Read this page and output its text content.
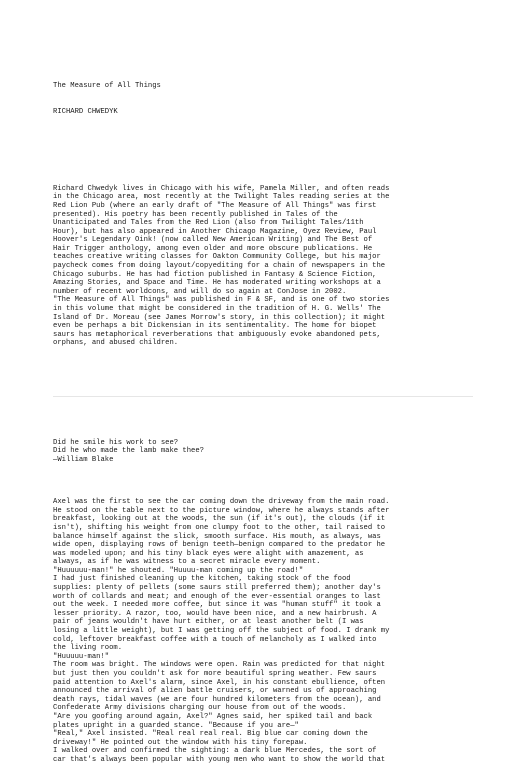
The Measure of All Things

RICHARD CHWEDYK

Richard Chwedyk lives in Chicago with his wife, Pamela Miller, and often reads
in the Chicago area, most recently at the Twilight Tales reading series at the
Red Lion Pub (where an early draft of "The Measure of All Things" was first
presented). His poetry has been recently published in Tales of the
Unanticipated and Tales from the Red Lion (also from Twilight Tales/11th
Hour), but has also appeared in Another Chicago Magazine, Oyez Review, Paul
Hoover's Legendary Oink! (now called New American Writing) and The Best of
Hair Trigger anthology, among even older and more obscure publications. He
teaches creative writing classes for Oakton Community College, but his major
paycheck comes from doing layout/copyediting for a chain of newspapers in the
Chicago suburbs. He has had fiction published in Fantasy & Science Fiction,
Amazing Stories, and Space and Time. He has moderated writing workshops at a
number of recent worldcons, and will do so again at ConJose in 2002.
"The Measure of All Things" was published in F & SF, and is one of two stories
in this volume that might be considered in the tradition of H. G. Wells' The
Island of Dr. Moreau (see James Morrow's story, in this collection); it might
even be perhaps a bit Dickensian in its sentimentality. The home for biopet
saurs has metaphorical reverberations that ambiguously evoke abandoned pets,
orphans, and abused children.

Did he smile his work to see?
Did he who made the lamb make thee?
—William Blake

Axel was the first to see the car coming down the driveway from the main road.
He stood on the table next to the picture window, where he always stands after
breakfast, looking out at the woods, the sun (if it's out), the clouds (if it
isn't), shifting his weight from one clumpy foot to the other, tail raised to
balance himself against the slick, smooth surface. His mouth, as always, was
wide open, displaying rows of benign teeth—benign compared to the predator he
was modeled upon; and his tiny black eyes were alight with amazement, as
always, as if he was witness to a secret miracle every moment.
"Huuuuuu-man!" he shouted. "Huuuu-man coming up the road!"
I had just finished cleaning up the kitchen, taking stock of the food
supplies: plenty of pellets (some saurs still preferred them); another day's
worth of collards and meat; and enough of the ever-essential oranges to last
out the week. I needed more coffee, but since it was "human stuff" it took a
lesser priority. A razor, too, would have been nice, and a new hairbrush. A
pair of jeans wouldn't have hurt either, or at least another belt (I was
losing a little weight), but I was getting off the subject of food. I drank my
cold, leftover breakfast coffee with a touch of melancholy as I walked into
the living room.
"Huuuuu-man!"
The room was bright. The windows were open. Rain was predicted for that night
but just then you couldn't ask for more beautiful spring weather. Few saurs
paid attention to Axel's alarm, since Axel, in his constant ebullience, often
announced the arrival of alien battle cruisers, or warned us of approaching
death rays, tidal waves (we are four hundred kilometers from the ocean), and
Confederate Army divisions charging our house from out of the woods.
"Are you goofing around again, Axel?" Agnes said, her spiked tail and back
plates upright in a guarded stance. "Because if you are—"
"Real," Axel insisted. "Real real real real. Big blue car coming down the
driveway!" He pointed out the window with his tiny forepaw.
I walked over and confirmed the sighting: a dark blue Mercedes, the sort of
car that's always been popular with young men who want to show the world that
